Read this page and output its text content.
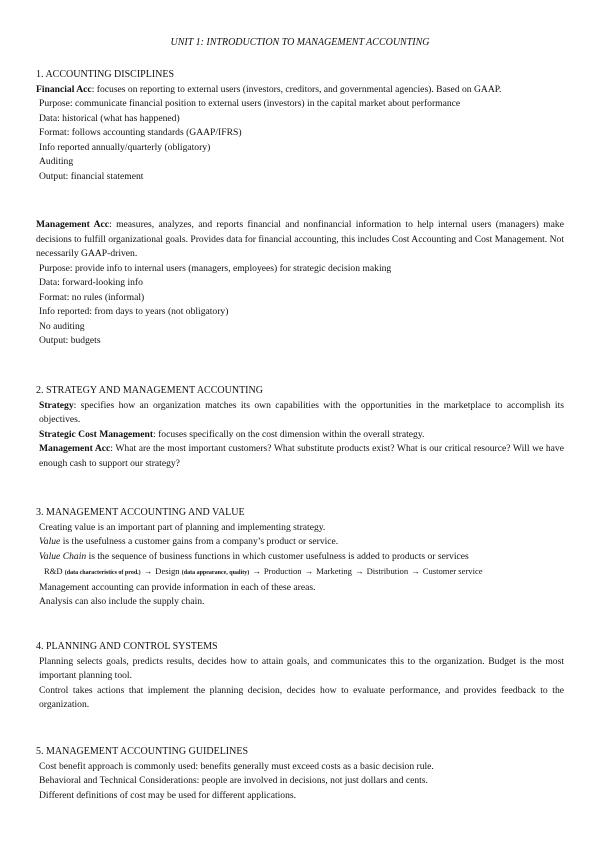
UNIT 1: INTRODUCTION TO MANAGEMENT ACCOUNTING

1. ACCOUNTING DISCIPLINES

Financial Acc: focuses on reporting to external users (investors, creditors, and governmental agencies). Based on GAAP.

Purpose: communicate financial position to external users (investors) in the capital market about performance

Data: historical (what has happened)

Format: follows accounting standards (GAAP/IFRS)

Info reported annually/quarterly (obligatory)

Auditing

Output: financial statement

Management Acc: measures, analyzes, and reports financial and nonfinancial information to help internal users (managers) make decisions to fulfill organizational goals. Provides data for financial accounting, this includes Cost Accounting and Cost Management. Not necessarily GAAP-driven.

Purpose: provide info to internal users (managers, employees) for strategic decision making

Data: forward-looking info

Format: no rules (informal)

Info reported: from days to years (not obligatory)

No auditing

Output: budgets

2. STRATEGY AND MANAGEMENT ACCOUNTING

Strategy: specifies how an organization matches its own capabilities with the opportunities in the marketplace to accomplish its objectives.

Strategic Cost Management: focuses specifically on the cost dimension within the overall strategy.

Management Acc: What are the most important customers? What substitute products exist? What is our critical resource? Will we have enough cash to support our strategy?

3. MANAGEMENT ACCOUNTING AND VALUE

Creating value is an important part of planning and implementing strategy.

Value is the usefulness a customer gains from a company’s product or service.

Value Chain is the sequence of business functions in which customer usefulness is added to products or services

R&D (data characteristics of prod.) → Design (data appearance, quality) → Production → Marketing → Distribution → Customer service

Management accounting can provide information in each of these areas.

Analysis can also include the supply chain.

4. PLANNING AND CONTROL SYSTEMS

Planning selects goals, predicts results, decides how to attain goals, and communicates this to the organization. Budget is the most important planning tool.

Control takes actions that implement the planning decision, decides how to evaluate performance, and provides feedback to the organization.

5. MANAGEMENT ACCOUNTING GUIDELINES

Cost benefit approach is commonly used: benefits generally must exceed costs as a basic decision rule.

Behavioral and Technical Considerations: people are involved in decisions, not just dollars and cents.

Different definitions of cost may be used for different applications.
